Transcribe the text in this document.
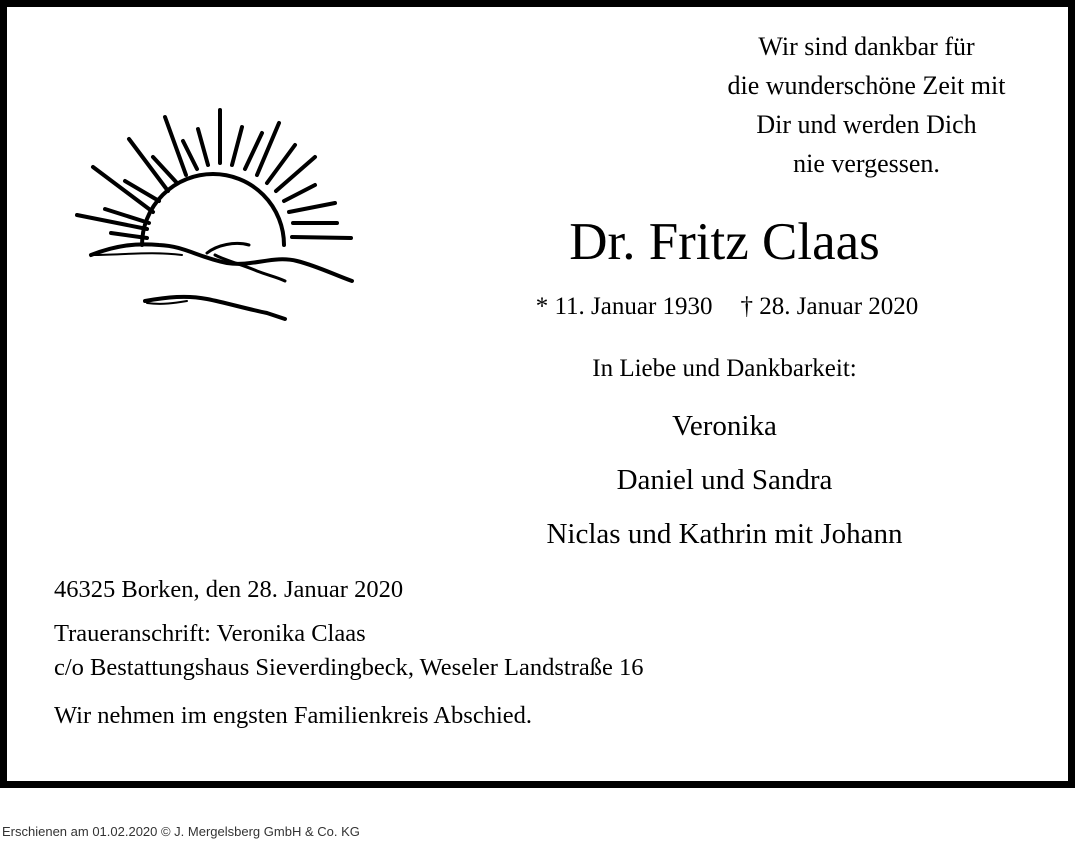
Wir sind dankbar für
die wunderschöne Zeit mit
Dir und werden Dich
nie vergessen.
Dr. Fritz Claas
* 11. Januar 1930 † 28. Januar 2020
In Liebe und Dankbarkeit:
Veronika
Daniel und Sandra
Niclas und Kathrin mit Johann
46325 Borken, den 28. Januar 2020
Traueranschrift: Veronika Claas
c/o Bestattungshaus Sieverdingbeck, Weseler Landstraße 16
Wir nehmen im engsten Familienkreis Abschied.
Erschienen am 01.02.2020 © J. Mergelsberg GmbH & Co. KG
